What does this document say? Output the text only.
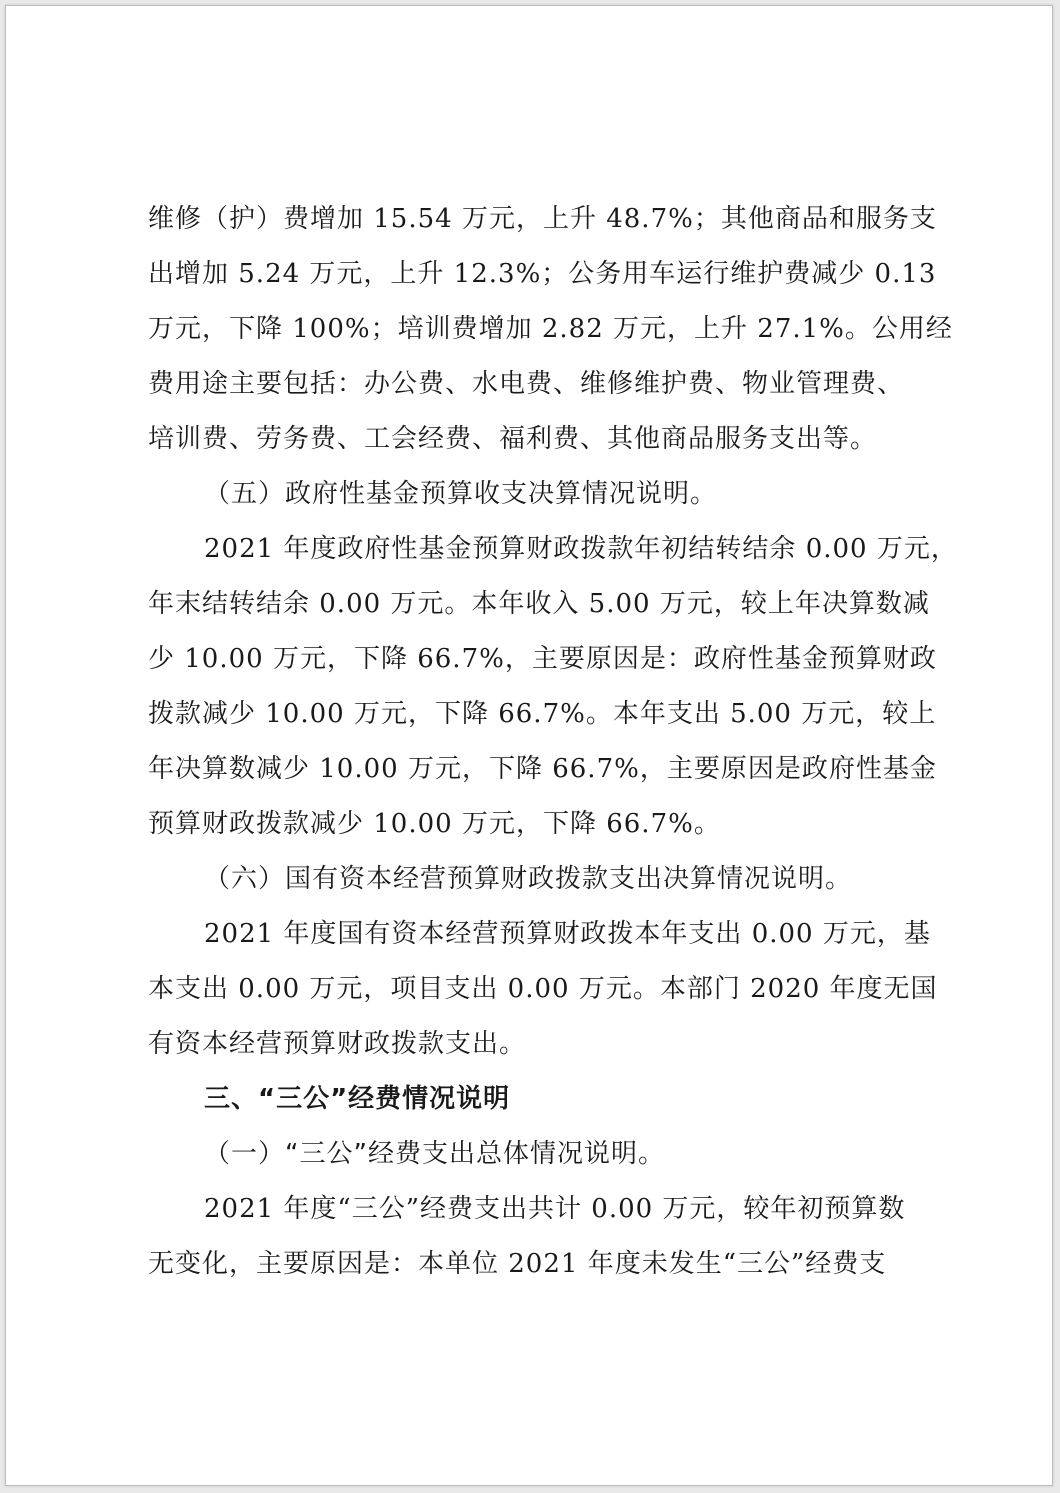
维修（护）费增加 15.54 万元，上升 48.7%；其他商品和服务支

出增加 5.24 万元，上升 12.3%；公务用车运行维护费减少 0.13

万元，下降 100%；培训费增加 2.82 万元，上升 27.1%。公用经

费用途主要包括：办公费、水电费、维修维护费、物业管理费、

培训费、劳务费、工会经费、福利费、其他商品服务支出等。

（五）政府性基金预算收支决算情况说明。

2021 年度政府性基金预算财政拨款年初结转结余 0.00 万元，

年末结转结余 0.00 万元。本年收入 5.00 万元，较上年决算数减

少 10.00 万元，下降 66.7%，主要原因是：政府性基金预算财政

拨款减少 10.00 万元，下降 66.7%。本年支出 5.00 万元，较上

年决算数减少 10.00 万元，下降 66.7%，主要原因是政府性基金

预算财政拨款减少 10.00 万元，下降 66.7%。

（六）国有资本经营预算财政拨款支出决算情况说明。

2021 年度国有资本经营预算财政拨本年支出 0.00 万元，基

本支出 0.00 万元，项目支出 0.00 万元。本部门 2020 年度无国

有资本经营预算财政拨款支出。

三、“三公”经费情况说明

（一）“三公”经费支出总体情况说明。

2021 年度“三公”经费支出共计 0.00 万元，较年初预算数

无变化，主要原因是：本单位 2021 年度未发生“三公”经费支
